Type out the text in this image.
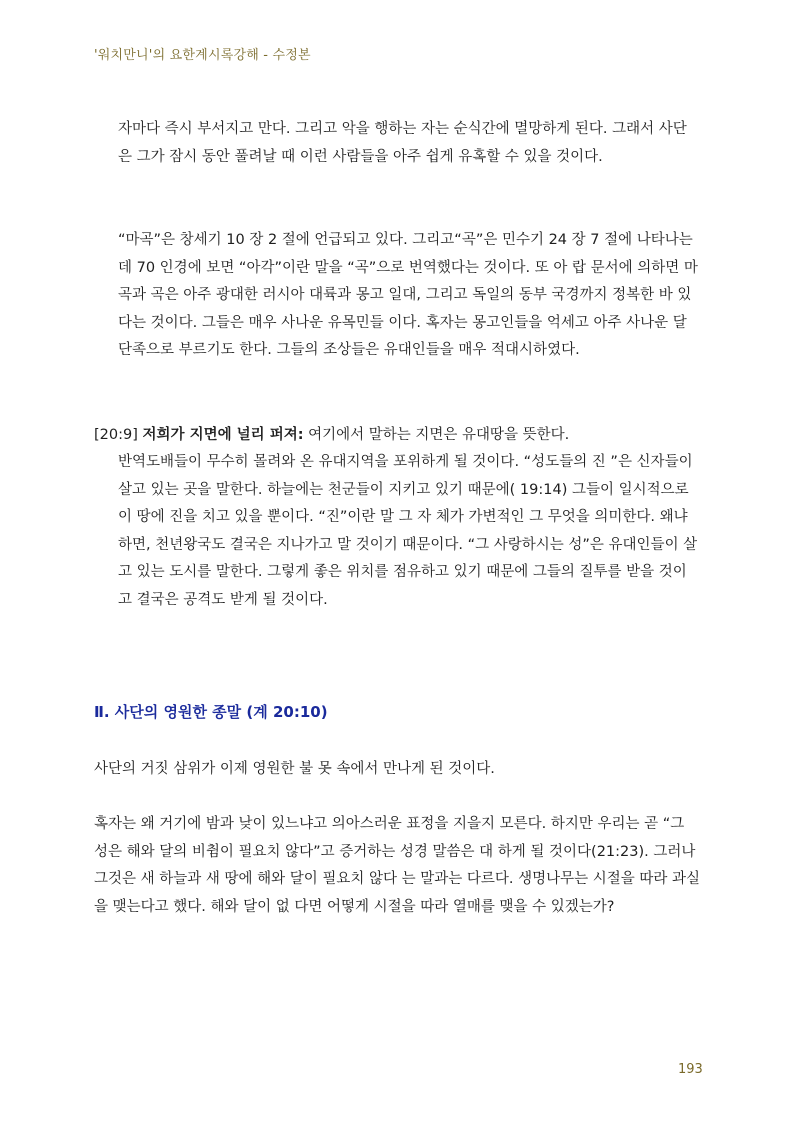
'워치만니'의 요한계시록강해 - 수정본

자마다 즉시 부서지고 만다. 그리고 악을 행하는 자는 순식간에 멸망하게 된다. 그래서 사단은 그가 잠시 동안 풀려날 때 이런 사람들을 아주 쉽게 유혹할 수 있을 것이다.

“마곡”은 창세기 10 장 2 절에 언급되고 있다. 그리고“곡”은 민수기 24 장 7 절에 나타나는데 70 인경에 보면 “아각”이란 말을 “곡”으로 번역했다는 것이다. 또 아 랍 문서에 의하면 마곡과 곡은 아주 광대한 러시아 대륙과 몽고 일대, 그리고 독일의 동부 국경까지 정복한 바 있다는 것이다. 그들은 매우 사나운 유목민들 이다. 혹자는 몽고인들을 억세고 아주 사나운 달단족으로 부르기도 한다. 그들의 조상들은 유대인들을 매우 적대시하였다.

[20:9] 저희가 지면에 널리 퍼져: 여기에서 말하는 지면은 유대땅을 뜻한다.

반역도배들이 무수히 몰려와 온 유대지역을 포위하게 될 것이다. “성도들의 진 ”은 신자들이 살고 있는 곳을 말한다. 하늘에는 천군들이 지키고 있기 때문에( 19:14) 그들이 일시적으로 이 땅에 진을 치고 있을 뿐이다. “진”이란 말 그 자 체가 가변적인 그 무엇을 의미한다. 왜냐하면, 천년왕국도 결국은 지나가고 말 것이기 때문이다. “그 사랑하시는 성”은 유대인들이 살고 있는 도시를 말한다. 그렇게 좋은 위치를 점유하고 있기 때문에 그들의 질투를 받을 것이고 결국은 공격도 받게 될 것이다.

Ⅱ. 사단의 영원한 종말 (계 20:10)

사단의 거짓 삼위가 이제 영원한 불 못 속에서 만나게 된 것이다.

혹자는 왜 거기에 밤과 낮이 있느냐고 의아스러운 표정을 지을지 모른다. 하지만 우리는 곧 “그 성은 해와 달의 비췸이 필요치 않다”고 증거하는 성경 말씀은 대 하게 될 것이다(21:23). 그러나 그것은 새 하늘과 새 땅에 해와 달이 필요치 않다 는 말과는 다르다. 생명나무는 시절을 따라 과실을 맺는다고 했다. 해와 달이 없 다면 어떻게 시절을 따라 열매를 맺을 수 있겠는가?

193
